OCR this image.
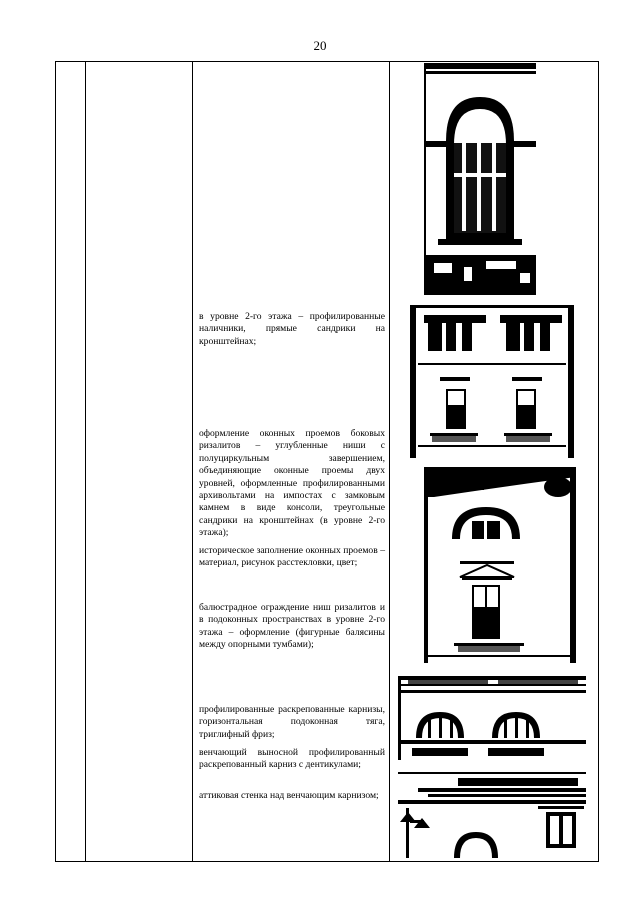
20
в уровне 2-го этажа – профилированные наличники, прямые сандрики на кронштейнах;
оформление оконных проемов боковых ризалитов – углубленные ниши с полуциркульным завершением, объединяющие оконные проемы двух уровней, оформленные профилированными архивольтами на импостах с замковым камнем в виде консоли, треугольные сандрики на кронштейнах (в уровне 2-го этажа);
историческое заполнение оконных проемов – материал, рисунок расстекловки, цвет;
балюстрадное ограждение ниш ризалитов и в подоконных пространствах в уровне 2-го этажа – оформление (фигурные балясины между опорными тумбами);
профилированные раскрепованные карнизы, горизонтальная подоконная тяга, триглифный фриз;
венчающий выносной профилированный раскрепованный карниз с дентикулами;
аттиковая стенка над венчающим карнизом;
